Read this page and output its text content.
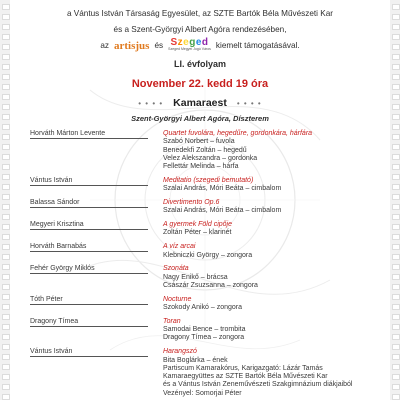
a Vántus István Társaság Egyesület, az SZTE Bartók Béla Művészeti Kar
és a Szent-Györgyi Albert Agóra rendezésében,
az artisjus és Szeged
Szeged Megyei Jogú Város kiemelt támogatásával.
LI. évfolyam
November 22. kedd 19 óra
• • • • Kamaraest • • • •
Szent-Györgyi Albert Agóra, Díszterem
Horváth Márton Levente	Quartet fuvolára, hegedűre, gordonkára, hárfára
Szabó Norbert – fuvola
Benedekfi Zoltán – hegedű
Velez Alekszandra – gordonka
Fellettár Melinda – hárfa
Vántus István	Meditatio (szegedi bemutató)
Szalai András, Móri Beáta – cimbalom
Balassa Sándor	Divertimento Op.6
Szalai András, Móri Beáta – cimbalom
Megyeri Krisztina	A gyermek Föld cipője
Zoltán Péter – klarinét
Horváth Barnabás	A víz arcai
Klebniczki György – zongora
Fehér György Miklós	Szonáta
Nagy Enikő – brácsa
Császár Zsuzsanna – zongora
Tóth Péter	Nocturne
Szokody Anikó – zongora
Dragony Tímea	Toran
Samodai Bence – trombita
Dragony Tímea – zongora
Vántus István	Harangszó
Bita Boglárka – ének
Partiscum Kamarakórus, Karigazgató: Lázár Tamás
Kamaraegyüttes az SZTE Bartók Béla Művészeti Kar
és a Vántus István Zeneművészeti Szakgimnázium diákjaiból
Vezényel: Somorjai Péter
